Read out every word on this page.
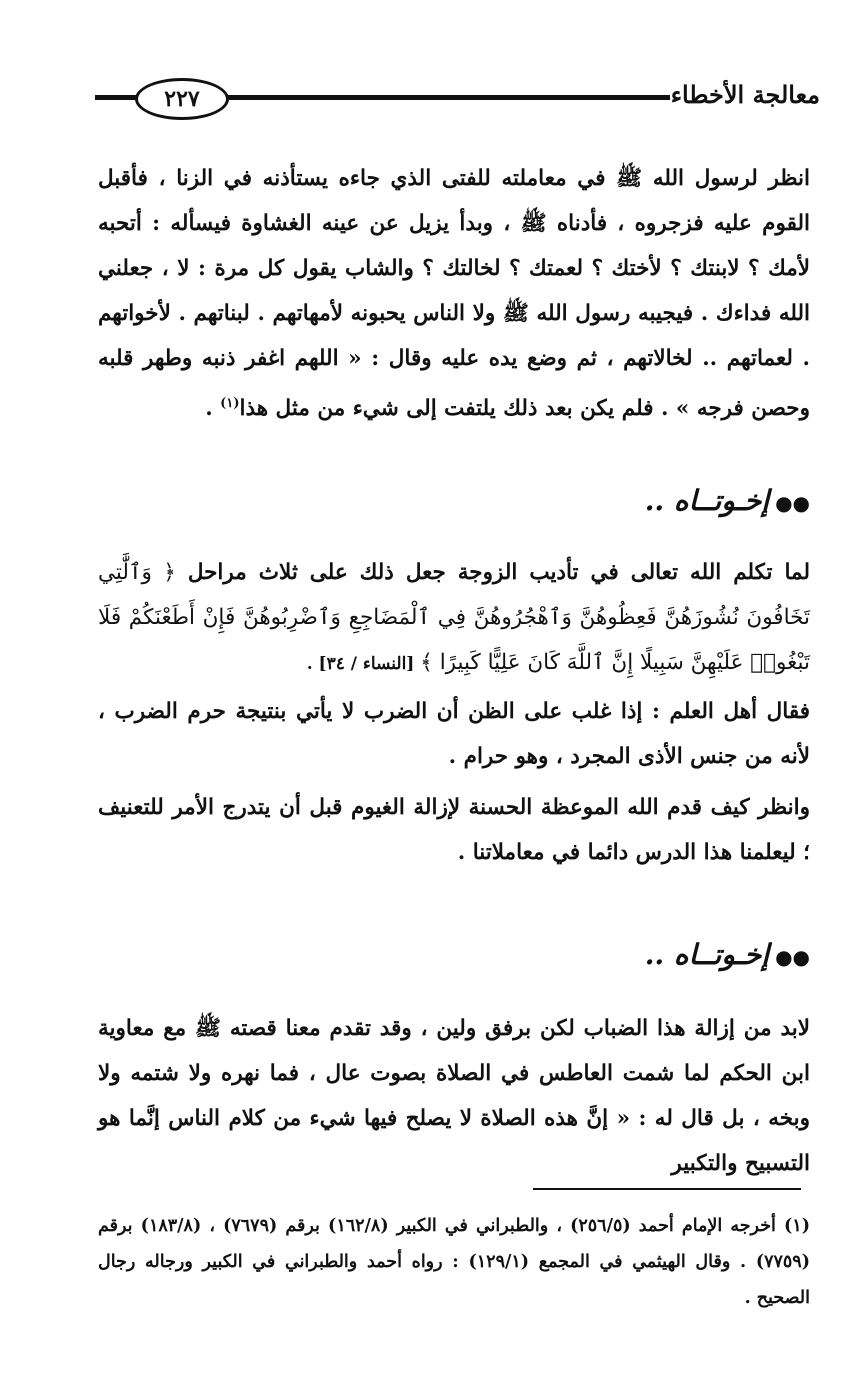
٢٢٧	معالجة الأخطاء

انظر لرسول الله ﷺ في معاملته للفتى الذي جاءه يستأذنه في الزنا ، فأقبل القوم عليه فزجروه ، فأدناه ﷺ ، وبدأ يزيل عن عينه الغشاوة فيسأله : أتحبه لأمك ؟ لابنتك ؟ لأختك ؟ لعمتك ؟ لخالتك ؟ والشاب يقول كل مرة : لا ، جعلني الله فداءك . فيجيبه رسول الله ﷺ ولا الناس يحبونه لأمهاتهم . لبناتهم . لأخواتهم . لعماتهم .. لخالاتهم ، ثم وضع يده عليه وقال : « اللهم اغفر ذنبه وطهر قلبه وحصن فرجه » . فلم يكن بعد ذلك يلتفت إلى شيء من مثل هذا$^{(١)}$ .

●●إخـوتــاه ..

لما تكلم الله تعالى في تأديب الزوجة جعل ذلك على ثلاث مراحل ﴿ وَٱلَّٰتِي تَخَافُونَ نُشُوزَهُنَّ فَعِظُوهُنَّ وَٱهْجُرُوهُنَّ فِي ٱلْمَضَاجِعِ وَٱضْرِبُوهُنَّ فَإِنْ أَطَعْنَكُمْ فَلَا تَبْغُوا۟ عَلَيْهِنَّ سَبِيلًا إِنَّ ٱللَّهَ كَانَ عَلِيًّا كَبِيرًا ﴾ [النساء / ٣٤] .

فقال أهل العلم : إذا غلب على الظن أن الضرب لا يأتي بنتيجة حرم الضرب ، لأنه من جنس الأذى المجرد ، وهو حرام .

وانظر كيف قدم الله الموعظة الحسنة لإزالة الغيوم قبل أن يتدرج الأمر للتعنيف ؛ ليعلمنا هذا الدرس دائما في معاملاتنا .

●●إخـوتــاه ..

لابد من إزالة هذا الضباب لكن برفق ولين ، وقد تقدم معنا قصته ﷺ مع معاوية ابن الحكم لما شمت العاطس في الصلاة بصوت عال ، فما نهره ولا شتمه ولا وبخه ، بل قال له : « إنَّ هذه الصلاة لا يصلح فيها شيء من كلام الناس إنَّما هو التسبيح والتكبير

(١) أخرجه الإمام أحمد (٢٥٦/٥) ، والطبراني في الكبير (١٦٢/٨) برقم (٧٦٧٩) ، (١٨٣/٨) برقم (٧٧٥٩) . وقال الهيثمي في المجمع (١٢٩/١) : رواه أحمد والطبراني في الكبير ورجاله رجال الصحيح .
